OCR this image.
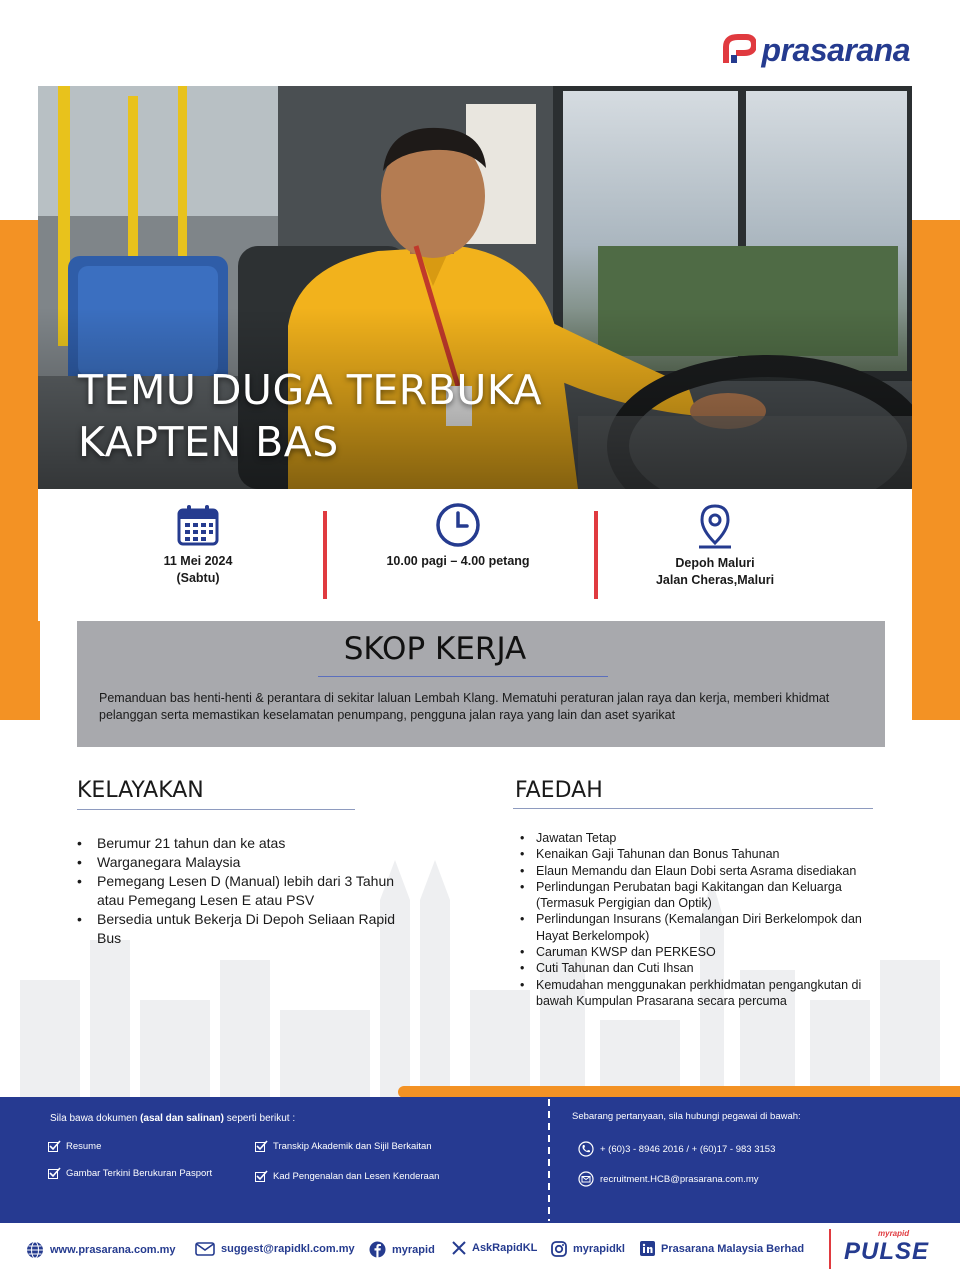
prasarana
TEMU DUGA TERBUKA
KAPTEN BAS
11 Mei 2024
(Sabtu)
10.00 pagi – 4.00 petang	Depoh Maluri
Jalan Cheras,Maluri
SKOP KERJA
Pemanduan bas henti-henti & perantara di sekitar laluan Lembah Klang. Mematuhi peraturan jalan raya dan kerja, memberi khidmat pelanggan serta memastikan keselamatan penumpang, pengguna jalan raya yang lain dan aset syarikat
KELAYAKAN
• Berumur 21 tahun dan ke atas
• Warganegara Malaysia
• Pemegang Lesen D (Manual) lebih dari 3 Tahun atau Pemegang Lesen E atau PSV
• Bersedia untuk Bekerja Di Depoh Seliaan Rapid Bus
FAEDAH
• Jawatan Tetap
• Kenaikan Gaji Tahunan dan Bonus Tahunan
• Elaun Memandu dan Elaun Dobi serta Asrama disediakan
• Perlindungan Perubatan bagi Kakitangan dan Keluarga (Termasuk Pergigian dan Optik)
• Perlindungan Insurans (Kemalangan Diri Berkelompok dan Hayat Berkelompok)
• Caruman KWSP dan PERKESO
• Cuti Tahunan dan Cuti Ihsan
• Kemudahan menggunakan perkhidmatan pengangkutan di bawah Kumpulan Prasarana secara percuma
Sila bawa dokumen (asal dan salinan) seperti berikut :
Resume	Transkip Akademik dan Sijil Berkaitan
Gambar Terkini Berukuran Pasport	Kad Pengenalan dan Lesen Kenderaan
Sebarang pertanyaan, sila hubungi pegawai di bawah:
+ (60)3 - 8946 2016 / + (60)17 - 983 3153
recruitment.HCB@prasarana.com.my
www.prasarana.com.my	suggest@rapidkl.com.my	myrapid	AskRapidKL	myrapidkl	Prasarana Malaysia Berhad
myrapid
PULSE
